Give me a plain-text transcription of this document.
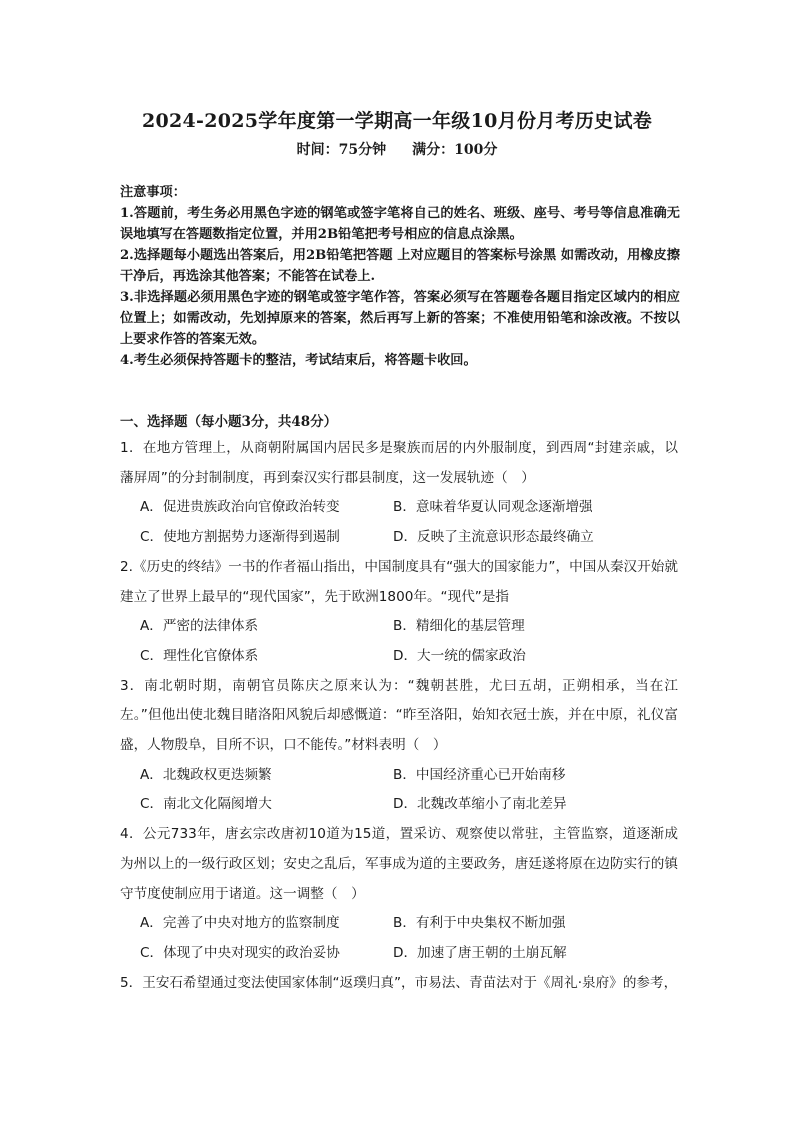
2024-2025学年度第一学期高一年级10月份月考历史试卷
时间：75分钟 满分：100分
注意事项：

1.答题前，考生务必用黑色字迹的钢笔或签字笔将自己的姓名、班级、座号、考号等信息准确无误地填写在答题数指定位置，并用2B铅笔把考号相应的信息点涂黑。

2.选择题每小题选出答案后，用2B铅笔把答题 上对应题目的答案标号涂黑 如需改动，用橡皮擦干净后，再选涂其他答案；不能答在试卷上.

3.非选择题必须用黑色字迹的钢笔或签字笔作答，答案必须写在答题卷各题目指定区域内的相应位置上；如需改动，先划掉原来的答案，然后再写上新的答案；不准使用铅笔和涂改液。不按以上要求作答的答案无效。

4.考生必须保持答题卡的整洁，考试结束后，将答题卡收回。

一、选择题（每小题3分，共48分）

1．在地方管理上，从商朝附属国内居民多是聚族而居的内外服制度，到西周“封建亲戚，以藩屏周”的分封制制度，再到秦汉实行郡县制度，这一发展轨迹（　）

A．促进贵族政治向官僚政治转变	B．意味着华夏认同观念逐渐增强
C．使地方割据势力逐渐得到遏制	D．反映了主流意识形态最终确立

2.《历史的终结》一书的作者福山指出，中国制度具有“强大的国家能力”，中国从秦汉开始就建立了世界上最早的“现代国家”，先于欧洲1800年。“现代”是指

A．严密的法律体系	B．精细化的基层管理
C．理性化官僚体系	D．大一统的儒家政治

3．南北朝时期，南朝官员陈庆之原来认为：“魏朝甚胜，尤曰五胡，正朔相承，当在江左。”但他出使北魏目睹洛阳风貌后却感慨道：“昨至洛阳，始知衣冠士族，并在中原，礼仪富盛，人物殷阜，目所不识，口不能传。”材料表明（　）

A．北魏政权更迭频繁	B．中国经济重心已开始南移
C．南北文化隔阂增大	D．北魏改革缩小了南北差异

4．公元733年，唐玄宗改唐初10道为15道，置采访、观察使以常驻，主管监察，道逐渐成为州以上的一级行政区划；安史之乱后，军事成为道的主要政务，唐廷遂将原在边防实行的镇守节度使制应用于诸道。这一调整（　）

A．完善了中央对地方的监察制度	B．有利于中央集权不断加强
C．体现了中央对现实的政治妥协	D．加速了唐王朝的土崩瓦解

5．王安石希望通过变法使国家体制“返璞归真”，市易法、青苗法对于《周礼·泉府》的参考，
